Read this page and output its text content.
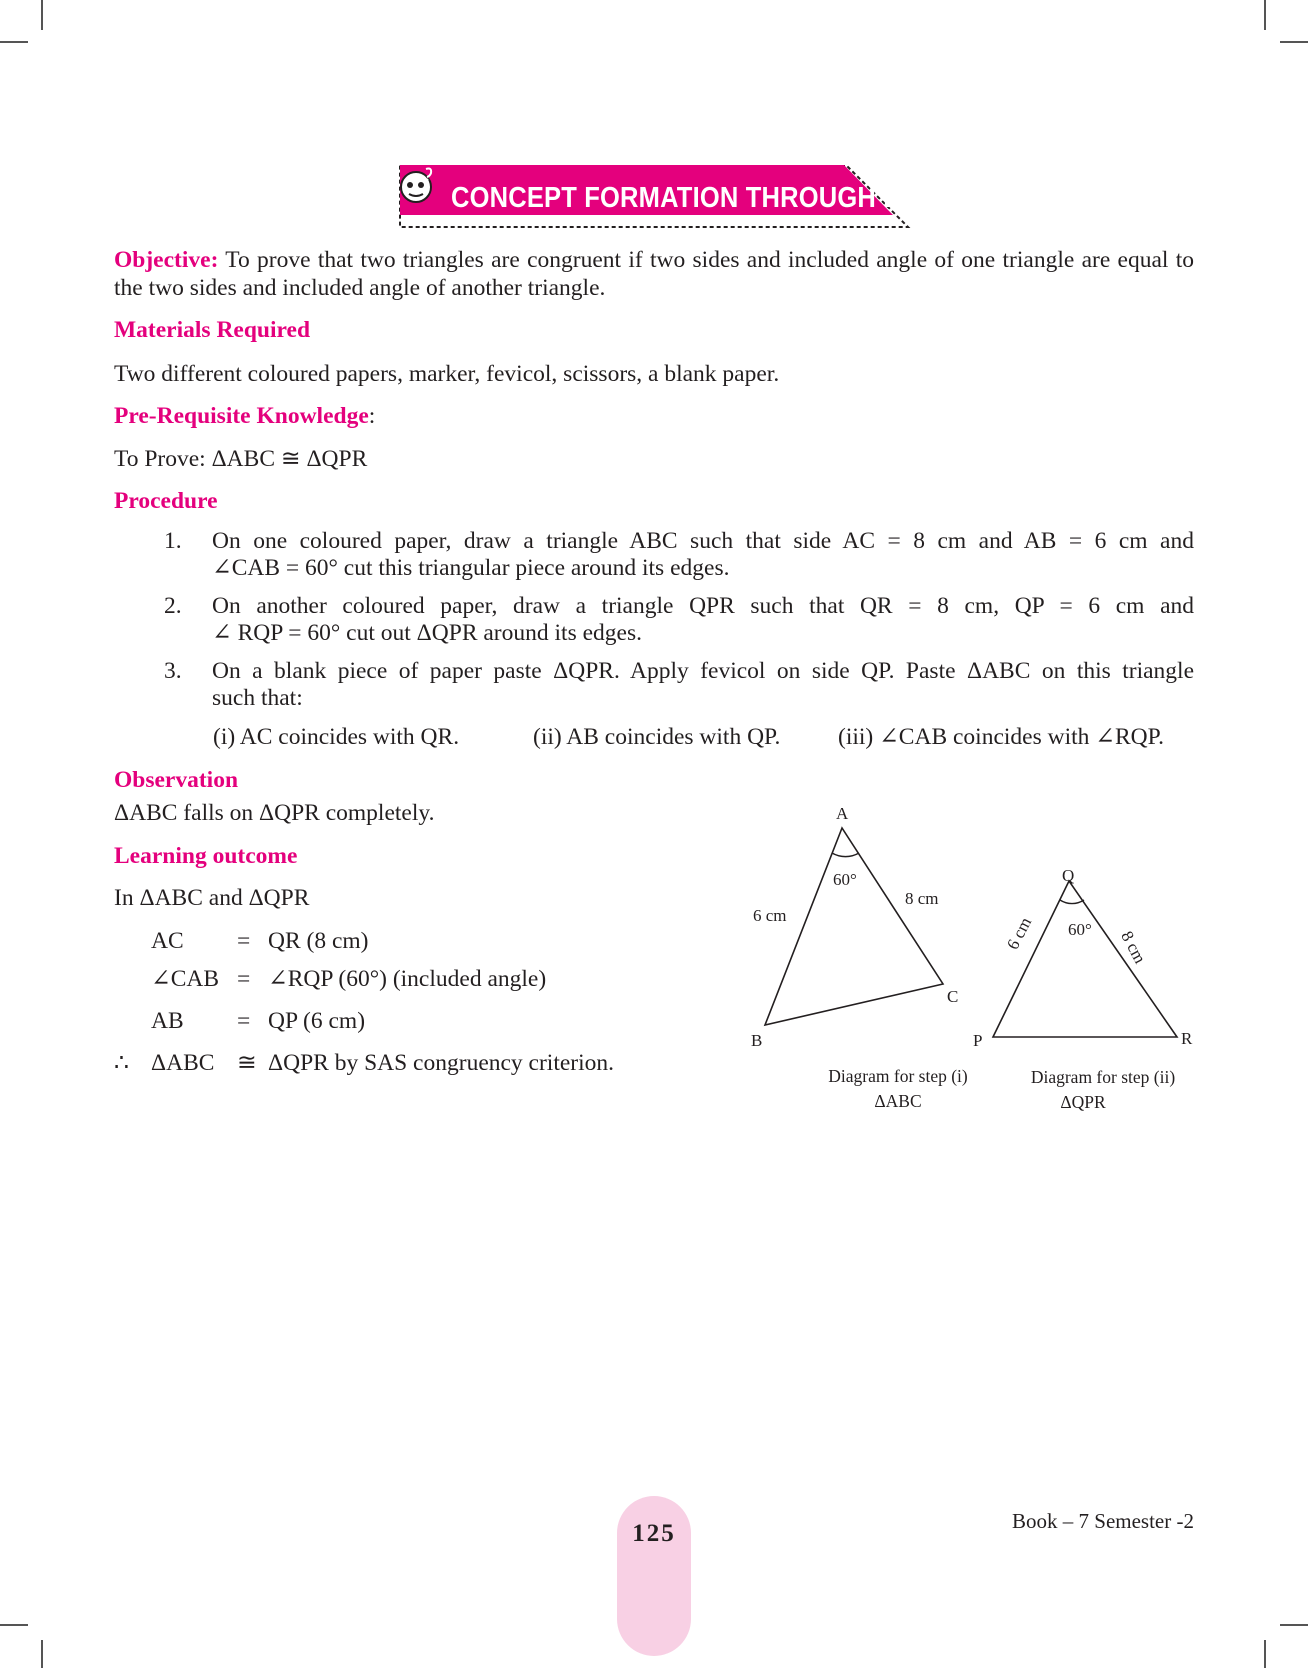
CONCEPT FORMATION THROUGH LAB
Objective: To prove that two triangles are congruent if two sides and included angle of one triangle are equal to the two sides and included angle of another triangle.
Materials Required
Two different coloured papers, marker, fevicol, scissors, a blank paper.
Pre-Requisite Knowledge:
To Prove: ΔABC ≅ ΔQPR
Procedure
1. On one coloured paper, draw a triangle ABC such that side AC = 8 cm and AB = 6 cm and
∠CAB = 60° cut this triangular piece around its edges.
2. On another coloured paper, draw a triangle QPR such that QR = 8 cm, QP = 6 cm and
∠ RQP = 60° cut out ΔQPR around its edges.
3. On a blank piece of paper paste ΔQPR. Apply fevicol on side QP. Paste ΔABC on this triangle
such that:
(i) AC coincides with QR.	(ii) AB coincides with QP. (iii) ∠CAB coincides with ∠RQP.
Observation
ΔABC falls on ΔQPR completely.
Learning outcome
In ΔABC and ΔQPR
AC = QR (8 cm)
∠CAB = ∠RQP (60°) (included angle)
AB = QP (6 cm)
∴ ΔABC ≅ ΔQPR by SAS congruency criterion.
A
B
C
60°
6 cm
8 cm
Diagram for step (i)
ΔABC
Q
P	R
60°
6 cm	8 cm
Diagram for step (ii)
ΔQPR
125	Book – 7 Semester -2
